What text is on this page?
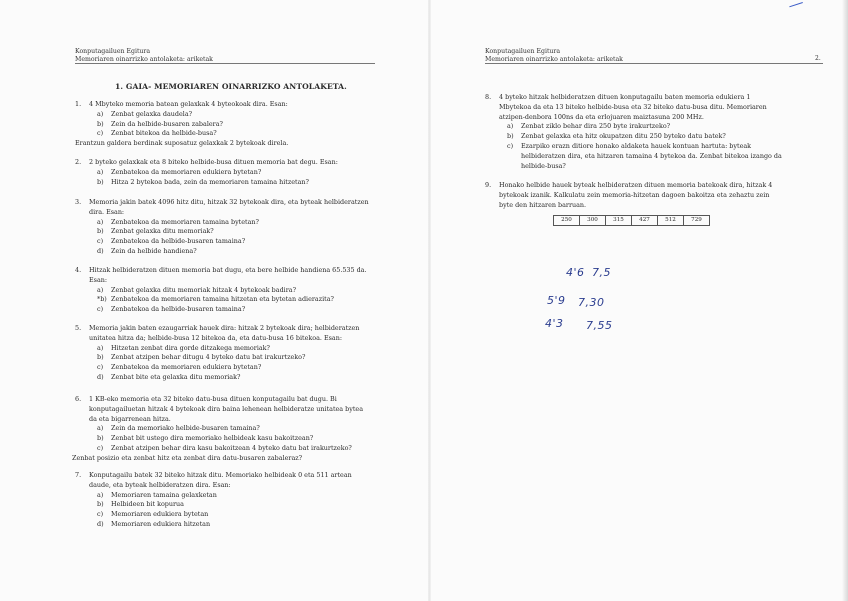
Konputagailuen Egitura
Memoriaren oinarrizko antolaketa: ariketak
1. GAIA- MEMORIAREN OINARRIZKO ANTOLAKETA.
1. 4 Mbyteko memoria batean gelaxkak 4 byteokoak dira. Esan:
a) Zenbat gelaxka daudela?
b) Zein da helbide-busaren zabalera?
c) Zenbat bitekoa da helbide-busa?
Erantzun galdera berdinak suposatuz gelaxkak 2 bytekoak direla.
2. 2 byteko gelaxkak eta 8 biteko helbide-busa dituen memoria bat degu. Esan:
a) Zenbatekoa da memoriaren edukiera bytetan?
b) Hitza 2 bytekoa bada, zein da memoriaren tamaina hitzetan?
3. Memoria jakin batek 4096 hitz ditu, hitzak 32 bytekoak dira, eta byteak helbideratzen
dira. Esan:
a) Zenbatekoa da memoriaren tamaina bytetan?
b) Zenbat gelaxka ditu memoriak?
c) Zenbatekoa da helbide-busaren tamaina?
d) Zein da helbide handiena?
4. Hitzak helbideratzen dituen memoria bat dugu, eta bere helbide handiena 65.535 da.
Esan:
a) Zenbat gelaxka ditu memoriak hitzak 4 bytekoak badira?
*b) Zenbatekoa da memoriaren tamaina hitzetan eta bytetan adierazita?
c) Zenbatekoa da helbide-busaren tamaina?
5. Memoria jakin baten ezaugarriak hauek dira: hitzak 2 bytekoak dira; helbideratzen
unitatea hitza da; helbide-busa 12 bitekoa da, eta datu-busa 16 bitekoa. Esan:
a) Hitzetan zenbat dira gorde ditzakega memoriak?
b) Zenbat atzipen behar ditugu 4 byteko datu bat irakurtzeko?
c) Zenbatekoa da memoriaren edukiera bytetan?
d) Zenbat bite eta gelaxka ditu memoriak?
6. 1 KB-eko memoria eta 32 biteko datu-busa dituen konputagailu bat dugu. Bi
konputagailuetan hitzak 4 bytekoak dira baina lehenean helbideratze unitatea bytea
da eta bigarrenean hitza.
a) Zein da memoriako helbide-busaren tamaina?
b) Zenbat bit ustego dira memoriako helbideak kasu bakoitzean?
c) Zenbat atzipen behar dira kasu bakoitzean 4 byteko datu bat irakurtzeko?
Zenbat posizio eta zenbat hitz eta zenbat dira datu-busaren zabaleraz?
7. Konputagailu batek 32 biteko hitzak ditu. Memoriako helbideak 0 eta 511 artean
daude, eta byteak helbideratzen dira. Esan:
a) Memoriaren tamaina gelaxketan
b) Helbideen bit kopurua
c) Memoriaren edukiera bytetan
d) Memoriaren edukiera hitzetan
Konputagailuen Egitura
Memoriaren oinarrizko antolaketa: ariketak	2.
8. 4 byteko hitzak helbideratzen dituen konputagailu baten memoria edukiera 1
Mbytekoa da eta 13 biteko helbide-busa eta 32 biteko datu-busa ditu. Memoriaren
atzipen-denbora 100ns da eta erlojuaren maiztasuna 200 MHz.
a) Zenbat ziklo behar dira 250 byte irakurtzeko?
b) Zenbat gelaxka eta hitz okupatzen ditu 250 byteko datu batek?
c) Ezarpiko erazn ditiore honako aldaketa hauek kontuan hartuta: byteak
helbideratzen dira, eta hitzaren tamaina 4 bytekoa da. Zenbat bitekoa izango da
helbide-busa?
9. Honako helbide hauek byteak helbideratzen dituen memoria batekoak dira, hitzak 4
bytekoak izanik. Kalkulatu zein memoria-hitzetan dagoen bakoitza eta zehaztu zein
byte den hitzaren barruan.
250	300	315	427	512	729
4'6 7,5
5'9 7,30
4'3 7,55
